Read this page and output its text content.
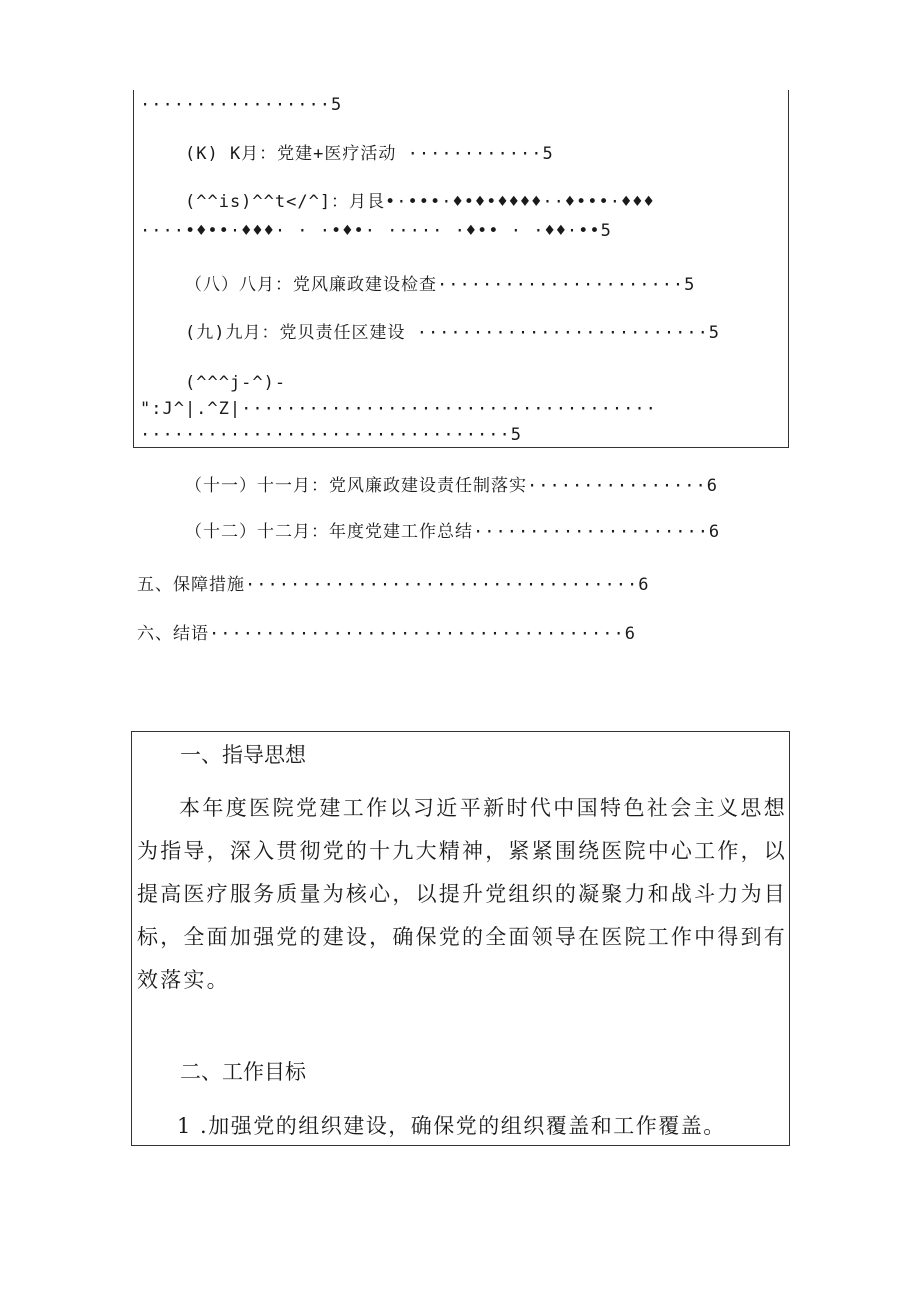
·················5
(K) K月：党建+医疗活动 ············5
(^^is)^^t</^]：月艮•·•••·♦•♦•♦♦♦♦··♦•••·♦♦♦
····•♦••·♦♦♦· · ·•♦•· ····· ·♦•• · ·♦♦·••5
（八）八月：党风廉政建设检查······················5
(九)九月：党贝责任区建设 ··························5
(^^^j-^)-
":J^|.^Z|·····································
·································5
（十一）十一月：党风廉政建设责任制落实················6
（十二）十二月：年度党建工作总结·····················6
五、保障措施···································6
六、结语·····································6
一、指导思想

本年度医院党建工作以习近平新时代中国特色社会主义思想为指导，深入贯彻党的十九大精神，紧紧围绕医院中心工作，以提高医疗服务质量为核心，以提升党组织的凝聚力和战斗力为目标，全面加强党的建设，确保党的全面领导在医院工作中得到有效落实。

二、工作目标
1 .加强党的组织建设，确保党的组织覆盖和工作覆盖。
